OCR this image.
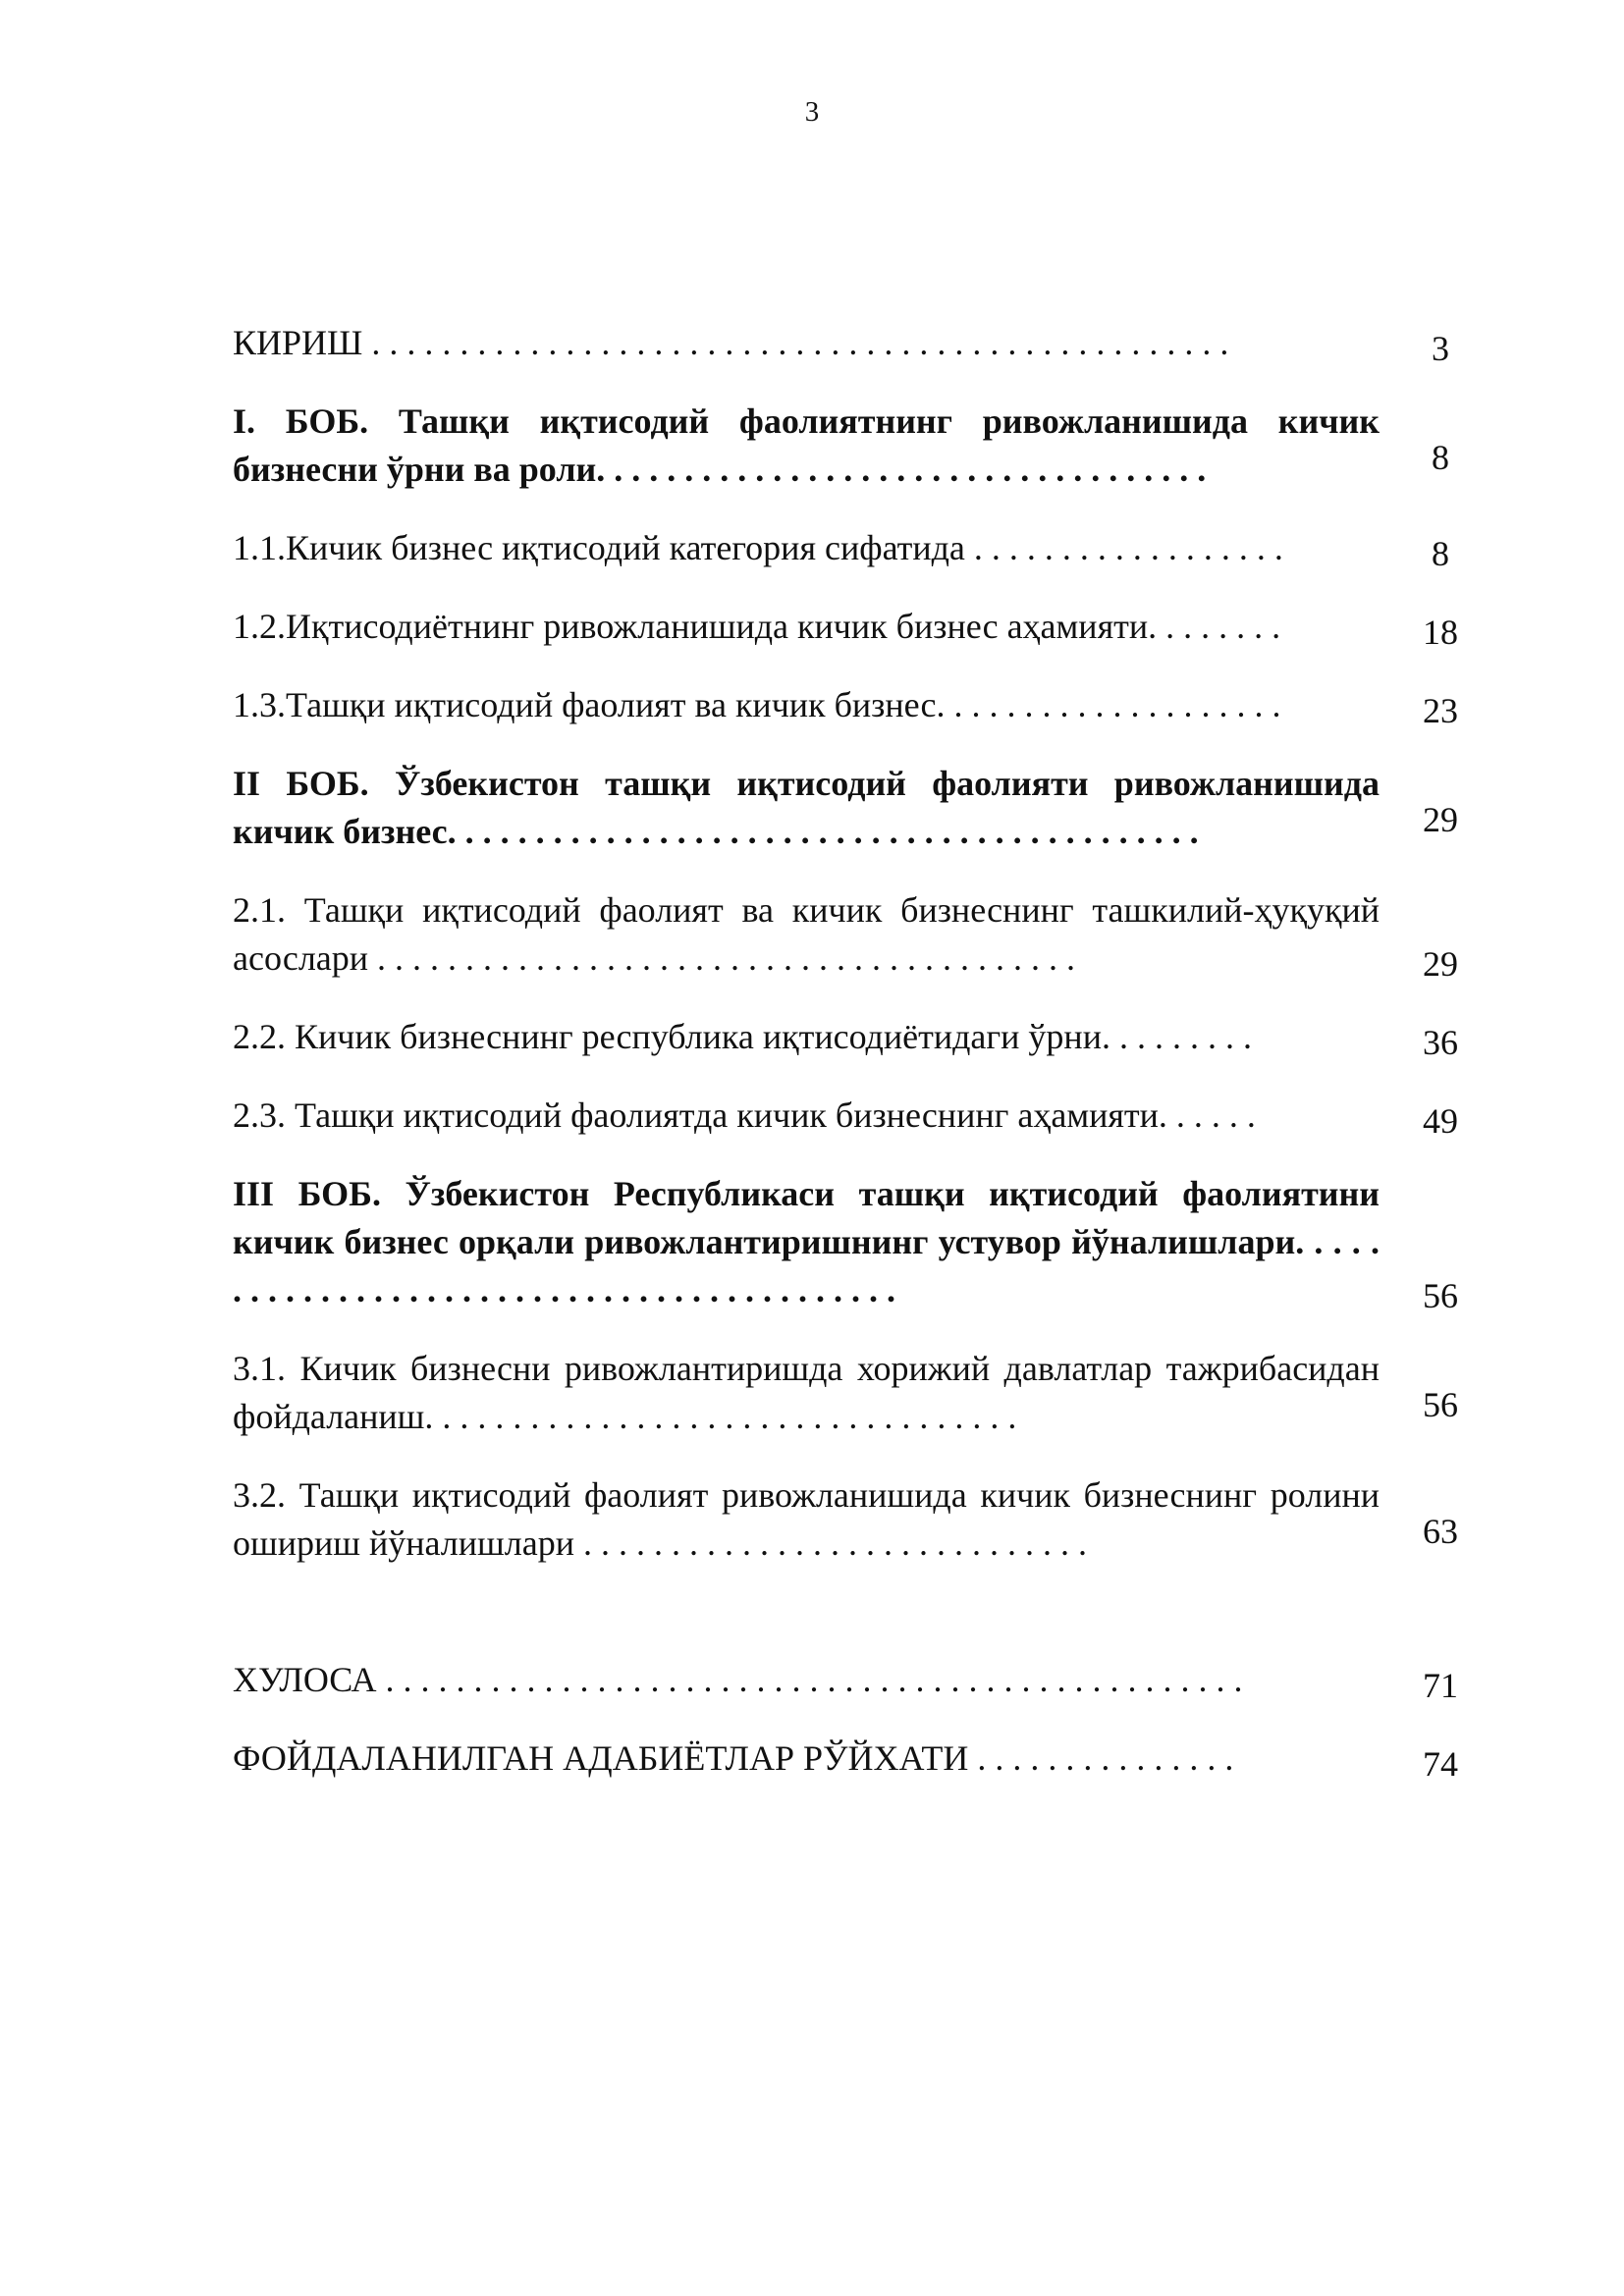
3
КИРИШ . . . . . . . . . . . . . . . . . . . . . . . . . . . . . . . . . . . . . . . . . . . . . . . . .	3
I. БОБ. Ташқи иқтисодий фаолиятнинг ривожланишида кичик бизнесни ўрни ва роли. . . . . . . . . . . . . . . . . . . . . . . . . . . . . . . . . . .	8
1.1.Кичик бизнес иқтисодий категория сифатида . . . . . . . . . . . . . . . . . .	8
1.2.Иқтисодиётнинг ривожланишида кичик бизнес аҳамияти. . . . . . . .	18
1.3.Ташқи иқтисодий фаолият ва кичик бизнес. . . . . . . . . . . . . . . . . . . .	23
II БОБ. Ўзбекистон ташқи иқтисодий фаолияти ривожланишида кичик бизнес. . . . . . . . . . . . . . . . . . . . . . . . . . . . . . . . . . . . . . . . . . .	29
2.1. Ташқи иқтисодий фаолият ва кичик бизнеснинг ташкилий-ҳуқуқий асослари . . . . . . . . . . . . . . . . . . . . . . . . . . . . . . . . . . . . . . . .	29
2.2. Кичик бизнеснинг республика иқтисодиётидаги ўрни. . . . . . . . .	36
2.3. Ташқи иқтисодий фаолиятда кичик бизнеснинг аҳамияти. . . . . .	49
III БОБ. Ўзбекистон Республикаси ташқи иқтисодий фаолиятини кичик бизнес орқали ривожлантиришнинг устувор йўналишлари. . . . . . . . . . . . . . . . . . . . . . . . . . . . . . . . . . . . . . . . . . .	56
3.1. Кичик бизнесни ривожлантиришда хорижий давлатлар тажрибасидан фойдаланиш. . . . . . . . . . . . . . . . . . . . . . . . . . . . . . . . . .	56
3.2. Ташқи иқтисодий фаолият ривожланишида кичик бизнеснинг ролини ошириш йўналишлари . . . . . . . . . . . . . . . . . . . . . . . . . . . . .	63
ХУЛОСА . . . . . . . . . . . . . . . . . . . . . . . . . . . . . . . . . . . . . . . . . . . . . . . . .	71
ФОЙДАЛАНИЛГАН АДАБИЁТЛАР РЎЙХАТИ . . . . . . . . . . . . . . .	74
